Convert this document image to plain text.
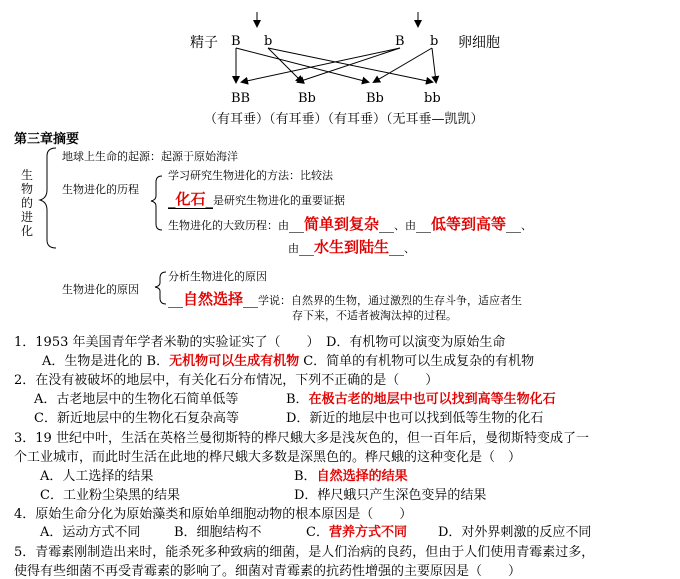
精子 B b	B b 卵细胞
BB	Bb	Bb	bb
（有耳垂）（有耳垂）（有耳垂）（无耳垂—凯凯）
第三章摘要
生物的进化
地球上生命的起源：起源于原始海洋
生物进化的历程
学习研究生物进化的方法：比较法
_化石_是研究生物进化的重要证据
生物进化的大致历程：由__简单到复杂__、由__低等到高等__、
由__水生到陆生__、
生物进化的原因
分析生物进化的原因
__自然选择__学说：自然界的生物，通过激烈的生存斗争，适应者生
存下来，不适者被淘汰掉的过程。
1．1953 年美国青年学者米勒的实验证实了（　　）　D．有机物可以演变为原始生命
A．生物是进化的 B．无机物可以生成有机物 C．简单的有机物可以生成复杂的有机物
2．在没有被破坏的地层中，有关化石分布情况，下列不正确的是（　　）
A．古老地层中的生物化石简单低等	B．在极古老的地层中也可以找到高等生物化石
C．新近地层中的生物化石复杂高等	D．新近的地层中也可以找到低等生物的化石
3．19 世纪中叶，生活在英格兰曼彻斯特的桦尺蛾大多是浅灰色的，但一百年后，曼彻斯特变成了一
个工业城市，而此时生活在此地的桦尺蛾大多数是深黑色的。桦尺蛾的这种变化是（　）
A．人工选择的结果	B．自然选择的结果
C．工业粉尘染黑的结果	D．桦尺蛾只产生深色变异的结果
4．原始生命分化为原始藻类和原始单细胞动物的根本原因是（　　）
A．运动方式不同	B．细胞结构不	C．营养方式不同 D．对外界刺激的反应不同
5．青霉素刚制造出来时，能杀死多种致病的细菌，是人们治病的良药，但由于人们使用青霉素过多，
使得有些细菌不再受青霉素的影响了。细菌对青霉素的抗药性增强的主要原因是（　　）
